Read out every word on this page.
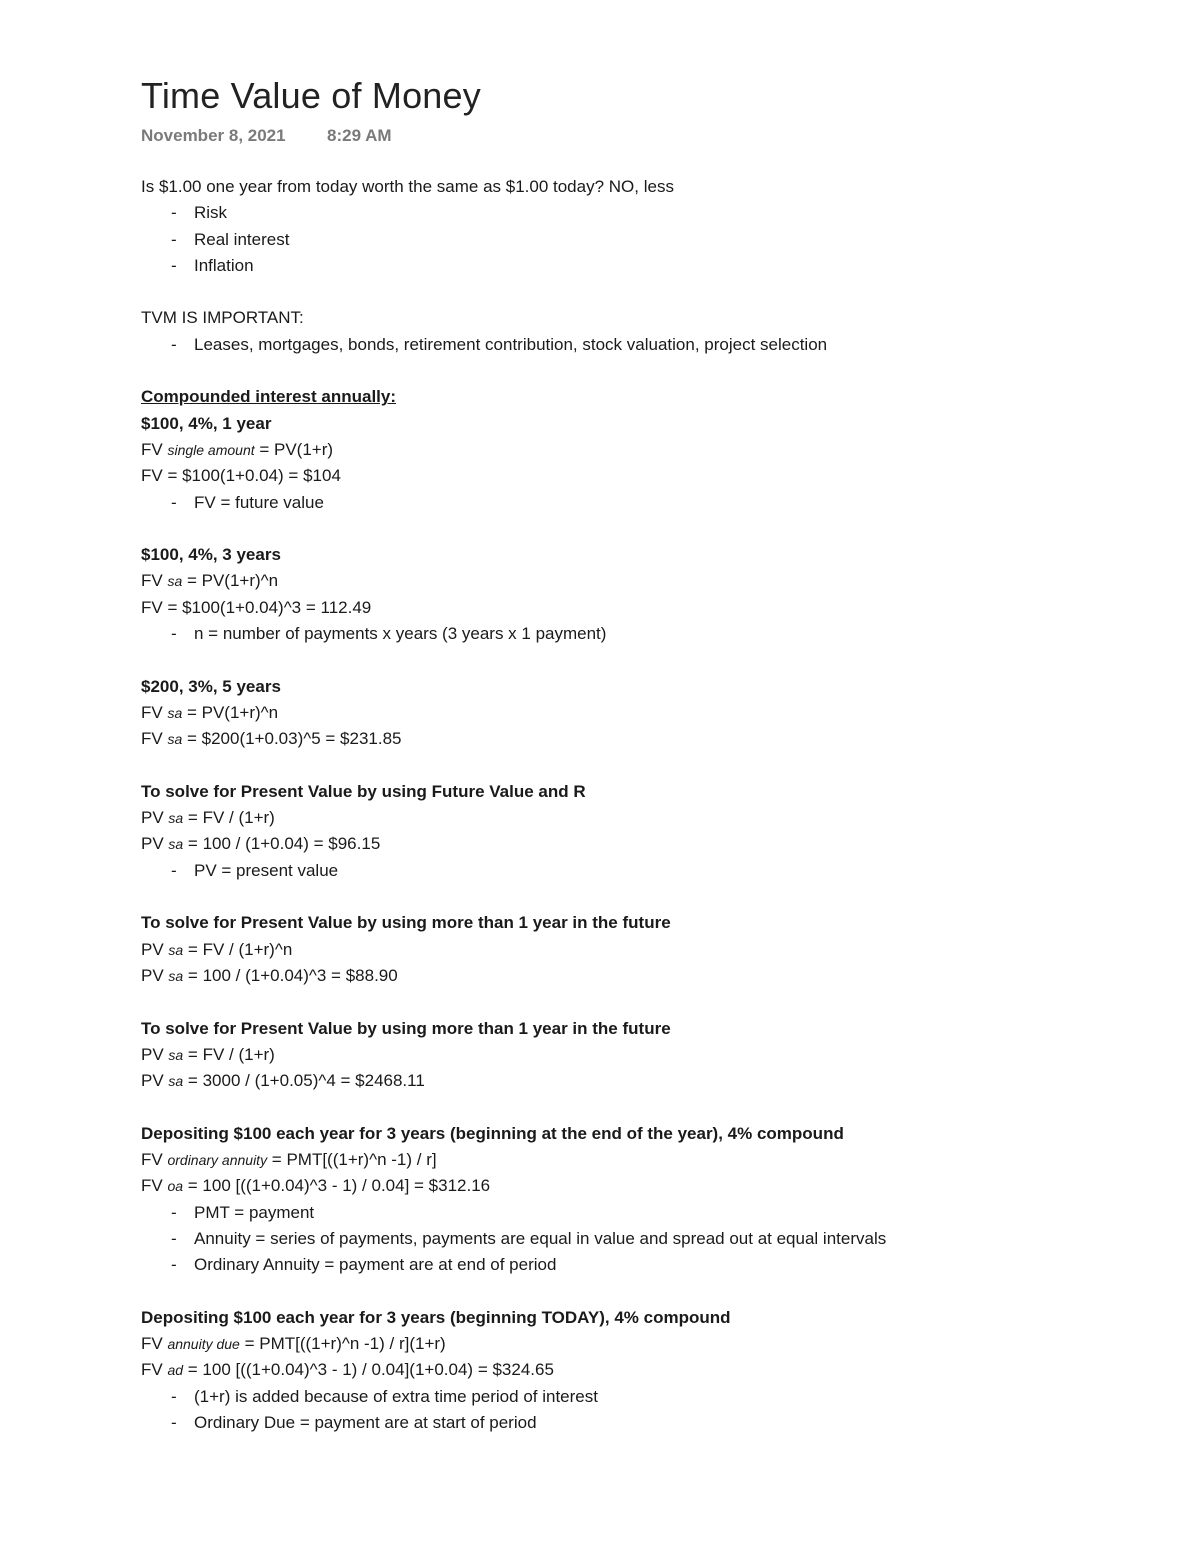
Time Value of Money
November 8, 2021 8:29 AM
Is $1.00 one year from today worth the same as $1.00 today? NO, less
- Risk
- Real interest
- Inflation
TVM IS IMPORTANT:
- Leases, mortgages, bonds, retirement contribution, stock valuation, project selection
Compounded interest annually:
$100, 4%, 1 year
FV single amount = PV(1+r)
FV = $100(1+0.04) = $104
- FV = future value
$100, 4%, 3 years
FV sa = PV(1+r)^n
FV = $100(1+0.04)^3 = 112.49
- n = number of payments x years (3 years x 1 payment)
$200, 3%, 5 years
FV sa = PV(1+r)^n
FV sa = $200(1+0.03)^5 = $231.85
To solve for Present Value by using Future Value and R
PV sa = FV / (1+r)
PV sa = 100 / (1+0.04) = $96.15
- PV = present value
To solve for Present Value by using more than 1 year in the future
PV sa = FV / (1+r)^n
PV sa = 100 / (1+0.04)^3 = $88.90
To solve for Present Value by using more than 1 year in the future
PV sa = FV / (1+r)
PV sa = 3000 / (1+0.05)^4 = $2468.11
Depositing $100 each year for 3 years (beginning at the end of the year), 4% compound
FV ordinary annuity = PMT[((1+r)^n -1) / r]
FV oa = 100 [((1+0.04)^3 - 1) / 0.04] = $312.16
- PMT = payment
- Annuity = series of payments, payments are equal in value and spread out at equal intervals
- Ordinary Annuity = payment are at end of period
Depositing $100 each year for 3 years (beginning TODAY), 4% compound
FV annuity due = PMT[((1+r)^n -1) / r](1+r)
FV ad = 100 [((1+0.04)^3 - 1) / 0.04](1+0.04) = $324.65
- (1+r) is added because of extra time period of interest
- Ordinary Due = payment are at start of period
